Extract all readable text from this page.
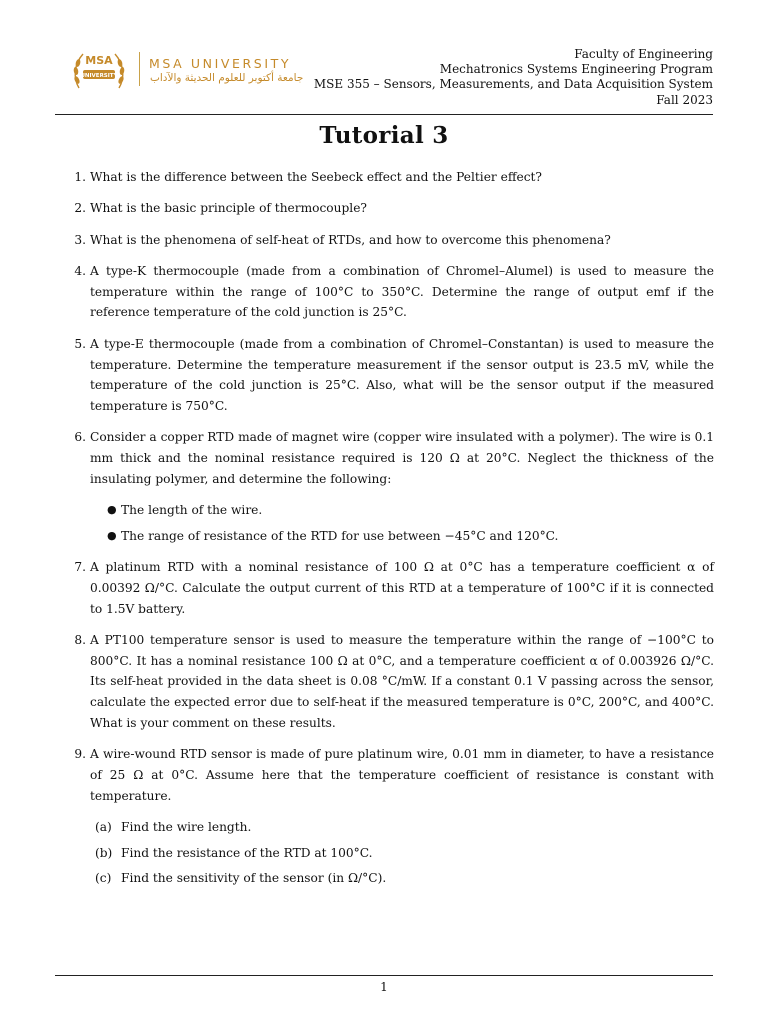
MSA
UNIVERSITY
MSA UNIVERSITY
جامعة أكتوبر للعلوم الحديثة والآداب
Faculty of Engineering
Mechatronics Systems Engineering Program
MSE 355 – Sensors, Measurements, and Data Acquisition System
Fall 2023
Tutorial 3
1. What is the difference between the Seebeck effect and the Peltier effect?
2. What is the basic principle of thermocouple?
3. What is the phenomena of self-heat of RTDs, and how to overcome this phenomena?
4. A type-K thermocouple (made from a combination of Chromel–Alumel) is used to measure the temperature within the range of 100°C to 350°C. Determine the range of output emf if the reference temperature of the cold junction is 25°C.
5. A type-E thermocouple (made from a combination of Chromel–Constantan) is used to measure the temperature. Determine the temperature measurement if the sensor output is 23.5 mV, while the temperature of the cold junction is 25°C. Also, what will be the sensor output if the measured temperature is 750°C.
6. Consider a copper RTD made of magnet wire (copper wire insulated with a polymer). The wire is 0.1 mm thick and the nominal resistance required is 120 Ω at 20°C. Neglect the thickness of the insulating polymer, and determine the following:
● The length of the wire.
● The range of resistance of the RTD for use between −45°C and 120°C.
7. A platinum RTD with a nominal resistance of 100 Ω at 0°C has a temperature coefficient α of 0.00392 Ω/°C. Calculate the output current of this RTD at a temperature of 100°C if it is connected to 1.5V battery.
8. A PT100 temperature sensor is used to measure the temperature within the range of −100°C to 800°C. It has a nominal resistance 100 Ω at 0°C, and a temperature coefficient α of 0.003926 Ω/°C. Its self-heat provided in the data sheet is 0.08 °C/mW. If a constant 0.1 V passing across the sensor, calculate the expected error due to self-heat if the measured temperature is 0°C, 200°C, and 400°C. What is your comment on these results.
9. A wire-wound RTD sensor is made of pure platinum wire, 0.01 mm in diameter, to have a resistance of 25 Ω at 0°C. Assume here that the temperature coefficient of resistance is constant with temperature.
(a) Find the wire length.
(b) Find the resistance of the RTD at 100°C.
(c) Find the sensitivity of the sensor (in Ω/°C).
1
